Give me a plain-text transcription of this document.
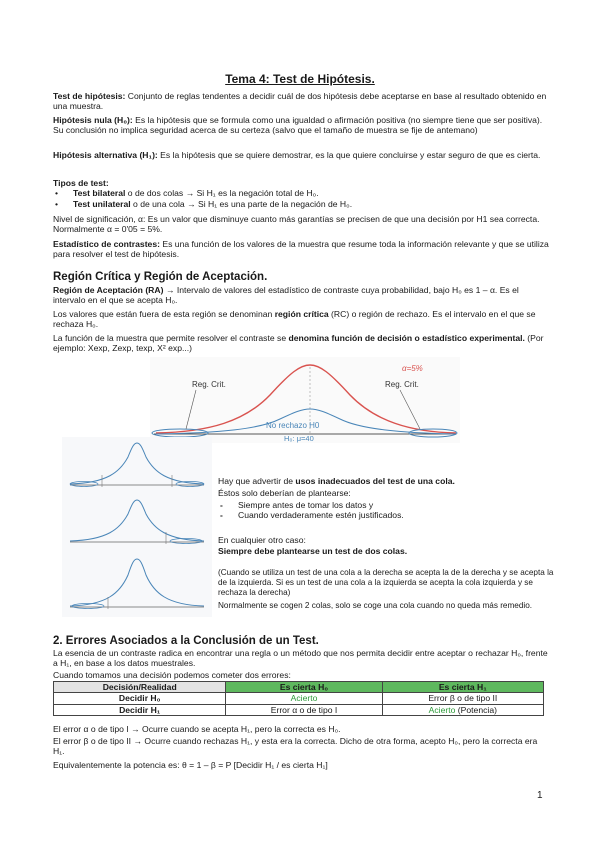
Tema 4: Test de Hipótesis.
Test de hipótesis: Conjunto de reglas tendentes a decidir cuál de dos hipótesis debe aceptarse en base al resultado obtenido en una muestra.
Hipótesis nula (H₀): Es la hipótesis que se formula como una igualdad o afirmación positiva (no siempre tiene que ser positiva). Su conclusión no implica seguridad acerca de su certeza (salvo que el tamaño de muestra se fije de antemano)
Hipótesis alternativa (H₁): Es la hipótesis que se quiere demostrar, es la que quiere concluirse y estar seguro de que es cierta.
Tipos de test:
• Test bilateral o de dos colas → Si H₁ es la negación total de H₀.
• Test unilateral o de una cola → Si H₁ es una parte de la negación de H₀.
Nivel de significación, α: Es un valor que disminuye cuanto más garantías se precisen de que una decisión por H1 sea correcta. Normalmente α = 0'05 = 5%.
Estadístico de contrastes: Es una función de los valores de la muestra que resume toda la información relevante y que se utiliza para resolver el test de hipótesis.
Región Crítica y Región de Aceptación.
Región de Aceptación (RA) → Intervalo de valores del estadístico de contraste cuya probabilidad, bajo H₀ es 1 – α. Es el intervalo en el que se acepta H₀.
Los valores que están fuera de esta región se denominan región crítica (RC) o región de rechazo. Es el intervalo en el que se rechaza H₀.
La función de la muestra que permite resolver el contraste se denomina función de decisión o estadístico experimental. (Por ejemplo: Xexp, Zexp, texp, X² exp...)
Reg. Crit.	Reg. Crit.
α=5%
No rechazo H0
H₀: μ=40
Hay que advertir de usos inadecuados del test de una cola.
Éstos solo deberían de plantearse:
- Siempre antes de tomar los datos y
- Cuando verdaderamente estén justificados.
En cualquier otro caso:
Siempre debe plantearse un test de dos colas.
(Cuando se utiliza un test de una cola a la derecha se acepta la de la derecha y se acepta la de la izquierda. Si es un test de una cola a la izquierda se acepta la cola izquierda y se rechaza la derecha)
Normalmente se cogen 2 colas, solo se coge una cola cuando no queda más remedio.
2. Errores Asociados a la Conclusión de un Test.
La esencia de un contraste radica en encontrar una regla o un método que nos permita decidir entre aceptar o rechazar H₀, frente a H₁, en base a los datos muestrales.
Cuando tomamos una decisión podemos cometer dos errores:
Decisión/Realidad	Es cierta H₀	Es cierta H₁
Decidir H₀	Acierto	Error β o de tipo II
Decidir H₁	Error α o de tipo I	Acierto (Potencia)
El error α o de tipo I → Ocurre cuando se acepta H₁, pero la correcta es H₀.
El error β o de tipo II → Ocurre cuando rechazas H₁, y esta era la correcta. Dicho de otra forma, acepto H₀, pero la correcta era H₁.
Equivalentemente la potencia es: θ = 1 – β = P [Decidir H₁ / es cierta H₁]
1
